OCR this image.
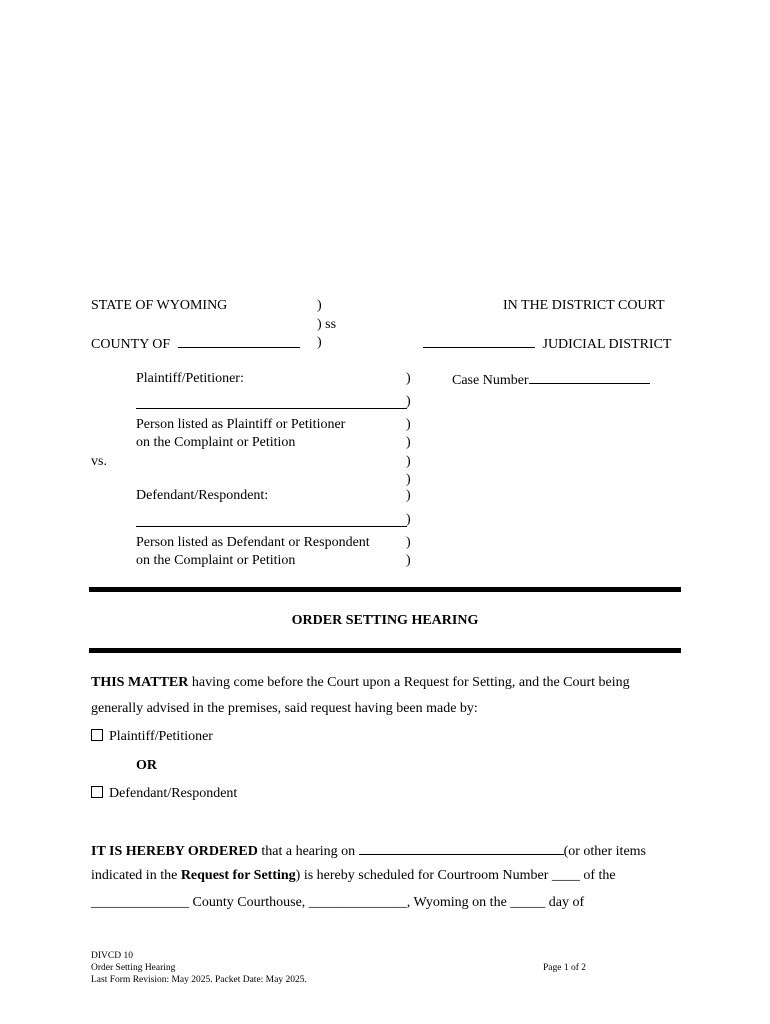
STATE OF WYOMING	)
) ss
)
IN THE DISTRICT COURT
COUNTY OF	JUDICIAL DISTRICT
Plaintiff/Petitioner:	)	Case Number
)
Person listed as Plaintiff or Petitioner
on the Complaint or Petition
)
)
vs.	)
)
Defendant/Respondent:	)
)
Person listed as Defendant or Respondent
on the Complaint or Petition
)
)
ORDER SETTING HEARING
THIS MATTER having come before the Court upon a Request for Setting, and the Court being
generally advised in the premises, said request having been made by:
Plaintiff/Petitioner
OR
Defendant/Respondent
IT IS HEREBY ORDERED that a hearing on	(or other items
indicated in the Request for Setting) is hereby scheduled for Courtroom Number ____ of the
______________ County Courthouse, ______________, Wyoming on the _____ day of
DIVCD 10
Order Setting Hearing
Last Form Revision: May 2025. Packet Date: May 2025.
Page 1 of 2
